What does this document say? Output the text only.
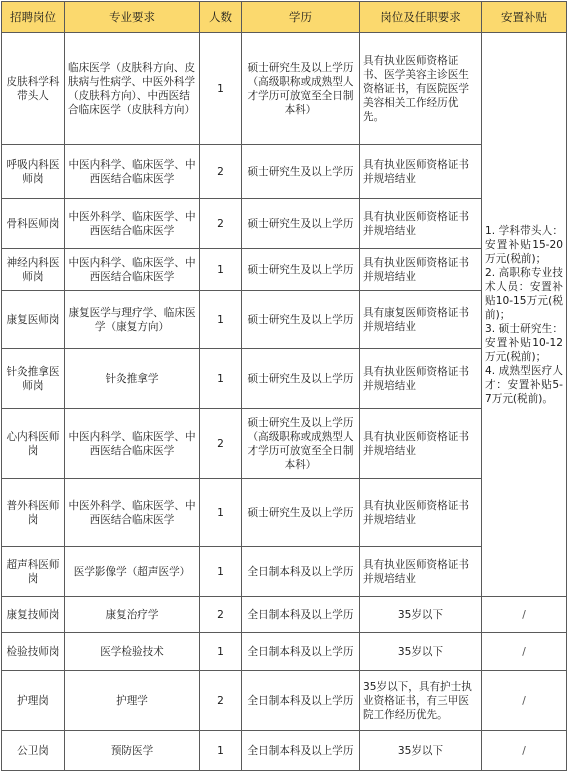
招聘岗位	专业要求	人数	学历	岗位及任职要求	安置补贴
皮肤科学科带头人	临床医学（皮肤科方向、皮肤病与性病学、中医外科学（皮肤科方向）、中西医结合临床医学（皮肤科方向）	1	硕士研究生及以上学历（高级职称或成熟型人才学历可放宽至全日制本科）	具有执业医师资格证书、医学美容主诊医生资格证书，有医院医学美容相关工作经历优先。	1. 学科带头人：安置补贴15-20万元(税前)；
2. 高职称专业技术人员：安置补贴10-15万元(税前)；
3. 硕士研究生：安置补贴10-12万元(税前)；
4. 成熟型医疗人才：安置补贴5-7万元(税前)。

呼吸内科医师岗	中医内科学、临床医学、中西医结合临床医学	2	硕士研究生及以上学历	具有执业医师资格证书并规培结业	
骨科医师岗	中医外科学、临床医学、中西医结合临床医学	2	硕士研究生及以上学历	具有执业医师资格证书并规培结业	
神经内科医师岗	中医内科学、临床医学、中西医结合临床医学	1	硕士研究生及以上学历	具有执业医师资格证书并规培结业	
康复医师岗	康复医学与理疗学、临床医学（康复方向）	1	硕士研究生及以上学历	具有康复医师资格证书并规培结业	
针灸推拿医师岗	针灸推拿学	1	硕士研究生及以上学历	具有执业医师资格证书并规培结业	
心内科医师岗	中医内科学、临床医学、中西医结合临床医学	2	硕士研究生及以上学历（高级职称或成熟型人才学历可放宽至全日制本科）	具有执业医师资格证书并规培结业	
普外科医师岗	中医外科学、临床医学、中西医结合临床医学	1	硕士研究生及以上学历	具有执业医师资格证书并规培结业	
超声科医师岗	医学影像学（超声医学）	1	全日制本科及以上学历	具有执业医师资格证书并规培结业	
康复技师岗	康复治疗学	2	全日制本科及以上学历	35岁以下	/
检验技师岗	医学检验技术	1	全日制本科及以上学历	35岁以下	/
护理岗	护理学	2	全日制本科及以上学历	35岁以下，具有护士执业资格证书，有三甲医院工作经历优先。	/
公卫岗	预防医学	1	全日制本科及以上学历	35岁以下	/
